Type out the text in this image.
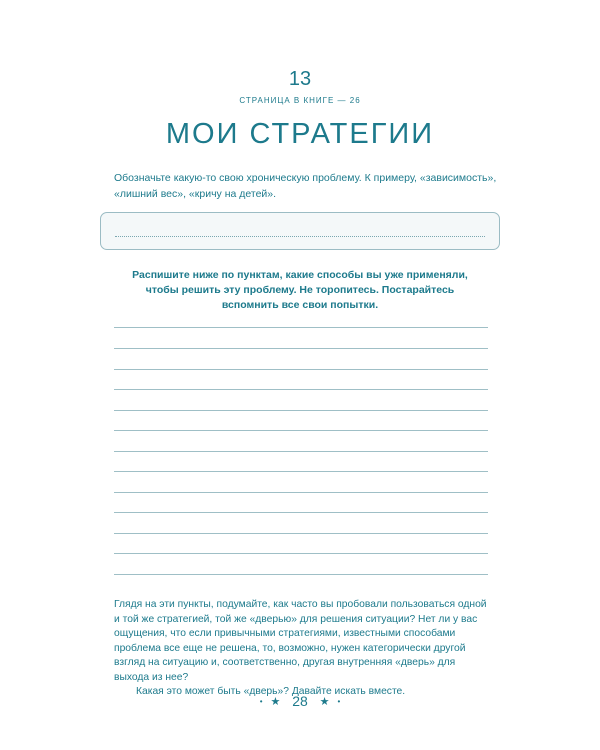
13
СТРАНИЦА В КНИГЕ — 26
МОИ СТРАТЕГИИ
Обозначьте какую-то свою хроническую проблему. К примеру, «зависимость», «лишний вес», «кричу на детей».
Распишите ниже по пунктам, какие способы вы уже применяли, чтобы решить эту проблему. Не торопитесь. Постарайтесь вспомнить все свои попытки.

Глядя на эти пункты, подумайте, как часто вы пробовали пользоваться одной и той же стратегией, той же «дверью» для решения ситуации? Нет ли у вас ощущения, что если привычными стратегиями, известными способами проблема все еще не решена, то, возможно, нужен категорически другой взгляд на ситуацию и, соответственно, другая внутренняя «дверь» для выхода из нее?

Какая это может быть «дверь»? Давайте искать вместе.

• ★ 28 ★ •
